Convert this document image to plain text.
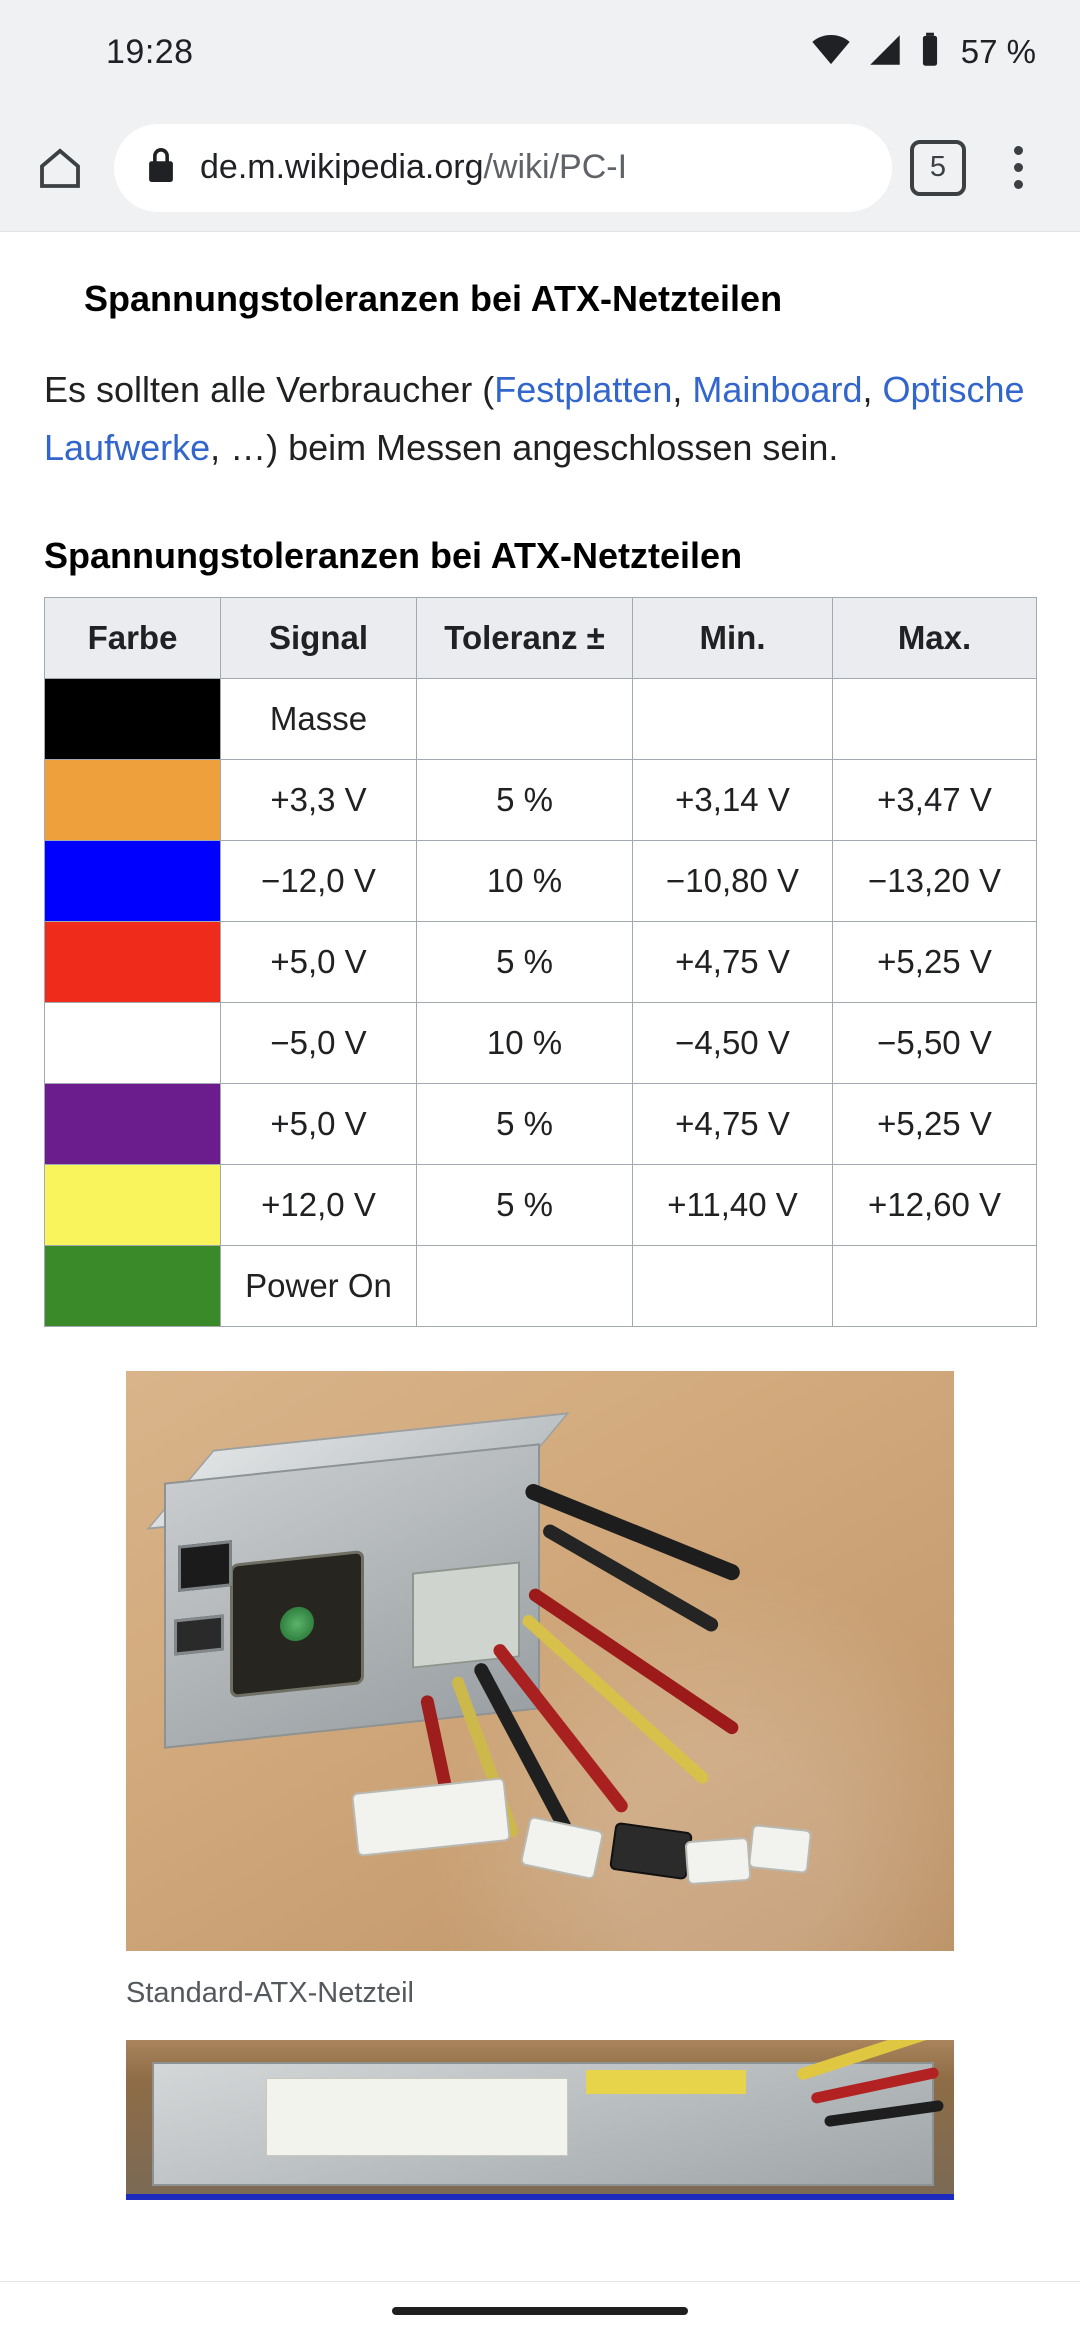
19:28	57 %
de.m.wikipedia.org/wiki/PC-I	5
Spannungstoleranzen bei ATX-Netzteilen

Es sollten alle Verbraucher (Festplatten, Mainboard, Optische Laufwerke, …) beim Messen angeschlossen sein.

Spannungstoleranzen bei ATX-Netzteilen
Farbe	Signal	Toleranz ±	Min.	Max.
	Masse			
	+3,3 V	5 %	+3,14 V	+3,47 V
	−12,0 V	10 %	−10,80 V	−13,20 V
	+5,0 V	5 %	+4,75 V	+5,25 V
	−5,0 V	10 %	−4,50 V	−5,50 V
	+5,0 V	5 %	+4,75 V	+5,25 V
	+12,0 V	5 %	+11,40 V	+12,60 V
	Power On			
Standard-ATX-Netzteil
